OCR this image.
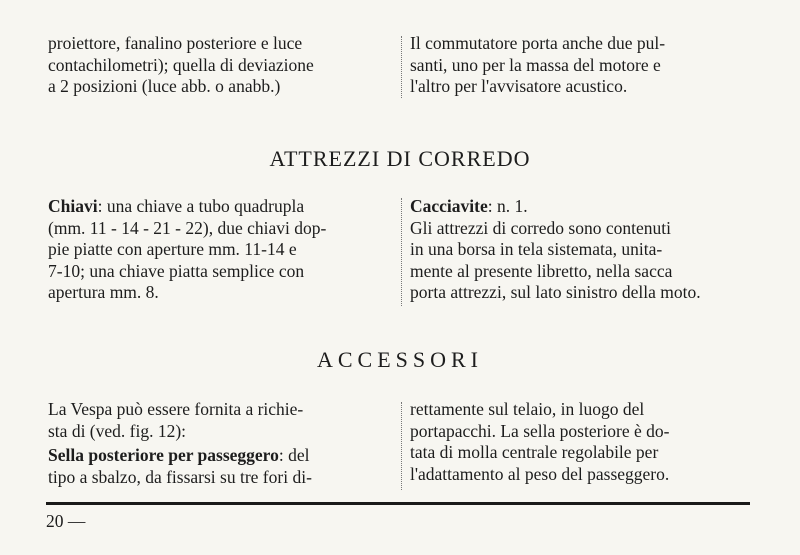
proiettore, fanalino posteriore e luce
contachilometri); quella di deviazione
a 2 posizioni (luce abb. o anabb.)
Il commutatore porta anche due pul-
santi, uno per la massa del motore e
l'altro per l'avvisatore acustico.
ATTREZZI DI CORREDO
Chiavi: una chiave a tubo quadrupla
(mm. 11 - 14 - 21 - 22), due chiavi dop-
pie piatte con aperture mm. 11-14 e
7-10; una chiave piatta semplice con
apertura mm. 8.
Cacciavite: n. 1.
Gli attrezzi di corredo sono contenuti
in una borsa in tela sistemata, unita-
mente al presente libretto, nella sacca
porta attrezzi, sul lato sinistro della moto.
ACCESSORI
La Vespa può essere fornita a richie-
sta di (ved. fig. 12):
Sella posteriore per passeggero: del
tipo a sbalzo, da fissarsi su tre fori di-
rettamente sul telaio, in luogo del
portapacchi. La sella posteriore è do-
tata di molla centrale regolabile per
l'adattamento al peso del passeggero.
20 —
